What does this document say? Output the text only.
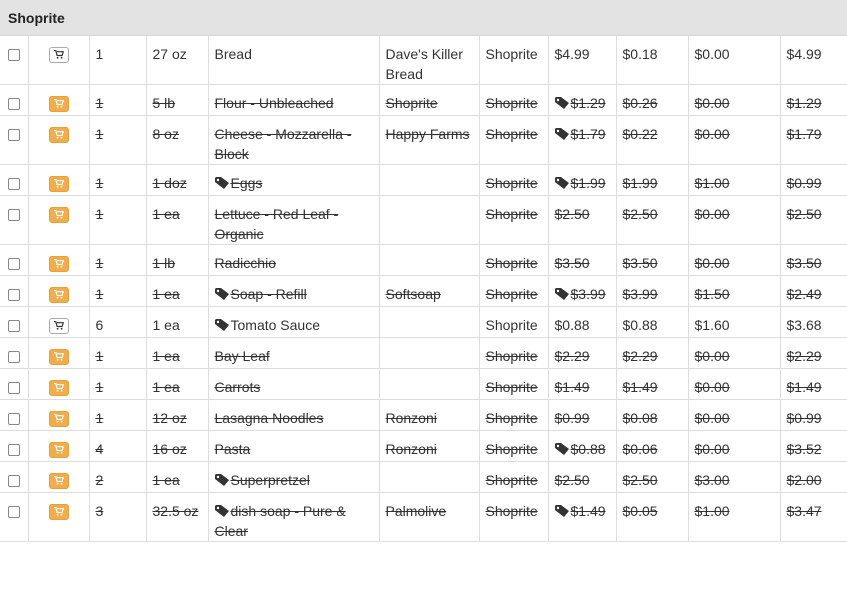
Shoprite

	1	27 oz	Bread	Dave's Killer Bread	Shoprite	$4.99	$0.18	$0.00	$4.99

	1	5 lb	Flour - Unbleached	Shoprite	Shoprite	$1.29	$0.26	$0.00	$1.29

	1	8 oz	Cheese - Mozzarella - Block	Happy Farms	Shoprite	$1.79	$0.22	$0.00	$1.79

	1	1 doz	Eggs		Shoprite	$1.99	$1.99	$1.00	$0.99

	1	1 ea	Lettuce - Red Leaf - Organic		Shoprite	$2.50	$2.50	$0.00	$2.50

	1	1 lb	Radicchio		Shoprite	$3.50	$3.50	$0.00	$3.50

	1	1 ea	Soap - Refill	Softsoap	Shoprite	$3.99	$3.99	$1.50	$2.49

	6	1 ea	Tomato Sauce		Shoprite	$0.88	$0.88	$1.60	$3.68

	1	1 ea	Bay Leaf		Shoprite	$2.29	$2.29	$0.00	$2.29

	1	1 ea	Carrots		Shoprite	$1.49	$1.49	$0.00	$1.49

	1	12 oz	Lasagna Noodles	Ronzoni	Shoprite	$0.99	$0.08	$0.00	$0.99

	4	16 oz	Pasta	Ronzoni	Shoprite	$0.88	$0.06	$0.00	$3.52

	2	1 ea	Superpretzel		Shoprite	$2.50	$2.50	$3.00	$2.00

	3	32.5 oz	dish soap - Pure & Clear	Palmolive	Shoprite	$1.49	$0.05	$1.00	$3.47
